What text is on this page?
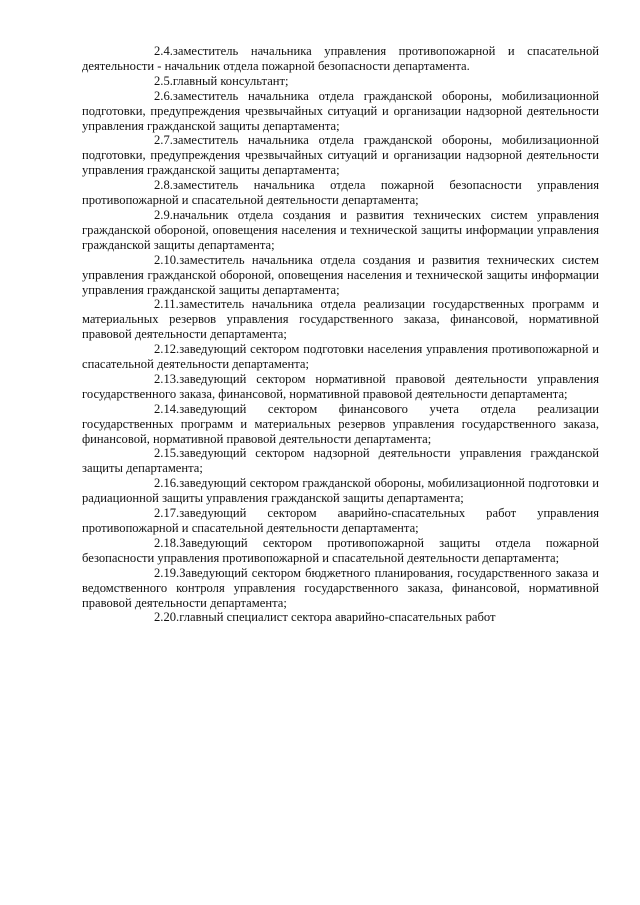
2.4.заместитель начальника управления противопожарной и спасательной деятельности - начальник отдела пожарной безопасности департамента.

2.5.главный консультант;

2.6.заместитель начальника отдела гражданской обороны, мобилизационной подготовки, предупреждения чрезвычайных ситуаций и организации надзорной деятельности управления гражданской защиты департамента;

2.7.заместитель начальника отдела гражданской обороны, мобилизационной подготовки, предупреждения чрезвычайных ситуаций и организации надзорной деятельности управления гражданской защиты департамента;

2.8.заместитель начальника отдела пожарной безопасности управления противопожарной и спасательной деятельности департамента;

2.9.начальник отдела создания и развития технических систем управления гражданской обороной, оповещения населения и технической защиты информации управления гражданской защиты департамента;

2.10.заместитель начальника отдела создания и развития технических систем управления гражданской обороной, оповещения населения и технической защиты информации управления гражданской защиты департамента;

2.11.заместитель начальника отдела реализации государственных программ и материальных резервов управления государственного заказа, финансовой, нормативной правовой деятельности департамента;

2.12.заведующий сектором подготовки населения управления противопожарной и спасательной деятельности департамента;

2.13.заведующий сектором нормативной правовой деятельности управления государственного заказа, финансовой, нормативной правовой деятельности департамента;

2.14.заведующий сектором финансового учета отдела реализации государственных программ и материальных резервов управления государственного заказа, финансовой, нормативной правовой деятельности департамента;

2.15.заведующий сектором надзорной деятельности управления гражданской защиты департамента;

2.16.заведующий сектором гражданской обороны, мобилизационной подготовки и радиационной защиты управления гражданской защиты департамента;

2.17.заведующий сектором аварийно-спасательных работ управления противопожарной и спасательной деятельности департамента;

2.18.Заведующий сектором противопожарной защиты отдела пожарной безопасности управления противопожарной и спасательной деятельности департамента;

2.19.Заведующий сектором бюджетного планирования, государственного заказа и ведомственного контроля управления государственного заказа, финансовой, нормативной правовой деятельности департамента;

2.20.главный специалист сектора аварийно-спасательных работ
